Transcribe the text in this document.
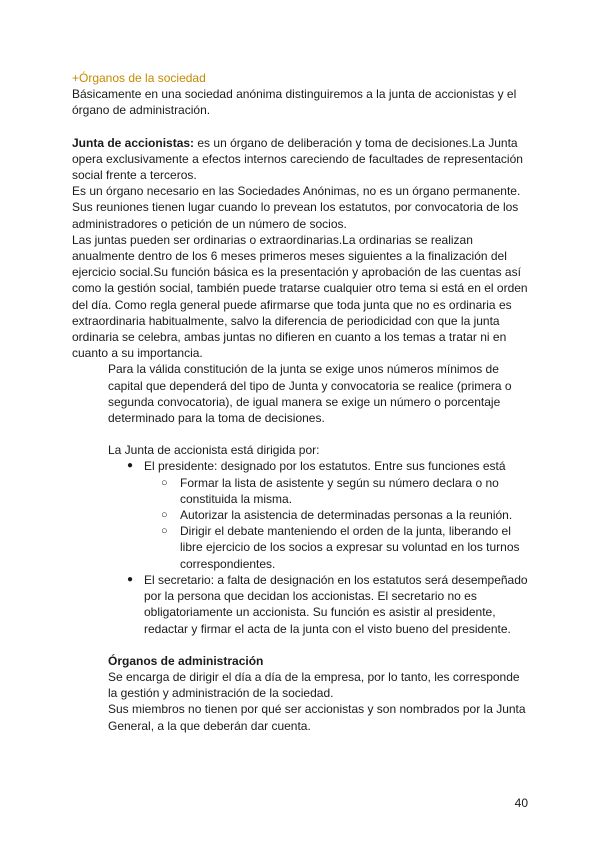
+Órganos de la sociedad

Básicamente en una sociedad anónima distinguiremos a la junta de accionistas y el órgano de administración.

Junta de accionistas: es un órgano de deliberación y toma de decisiones.La Junta opera exclusivamente a efectos internos careciendo de facultades de representación social frente a terceros.

Es un órgano necesario en las Sociedades Anónimas, no es un órgano permanente. Sus reuniones tienen lugar cuando lo prevean los estatutos, por convocatoria de los administradores o petición de un número de socios.

Las juntas pueden ser ordinarias o extraordinarias.La ordinarias se realizan anualmente dentro de los 6 meses primeros meses siguientes a la finalización del ejercicio social.Su función básica es la presentación y aprobación de las cuentas así como la gestión social, también puede tratarse cualquier otro tema si está en el orden del día. Como regla general puede afirmarse que toda junta que no es ordinaria es extraordinaria habitualmente, salvo la diferencia de periodicidad con que la junta ordinaria se celebra, ambas juntas no difieren en cuanto a los temas a tratar ni en cuanto a su importancia.

Para la válida constitución de la junta se exige unos números mínimos de capital que dependerá del tipo de Junta y convocatoria se realice (primera o segunda convocatoria), de igual manera se exige un número o porcentaje determinado para la toma de decisiones.

La Junta de accionista está dirigida por:

● El presidente: designado por los estatutos. Entre sus funciones está
○ Formar la lista de asistente y según su número declara o no constituida la misma.
○ Autorizar la asistencia de determinadas personas a la reunión.
○ Dirigir el debate manteniendo el orden de la junta, liberando el libre ejercicio de los socios a expresar su voluntad en los turnos correspondientes.
● El secretario: a falta de designación en los estatutos será desempeñado por la persona que decidan los accionistas. El secretario no es obligatoriamente un accionista. Su función es asistir al presidente, redactar y firmar el acta de la junta con el visto bueno del presidente.

Órganos de administración

Se encarga de dirigir el día a día de la empresa, por lo tanto, les corresponde la gestión y administración de la sociedad.

Sus miembros no tienen por qué ser accionistas y son nombrados por la Junta General, a la que deberán dar cuenta.

40
